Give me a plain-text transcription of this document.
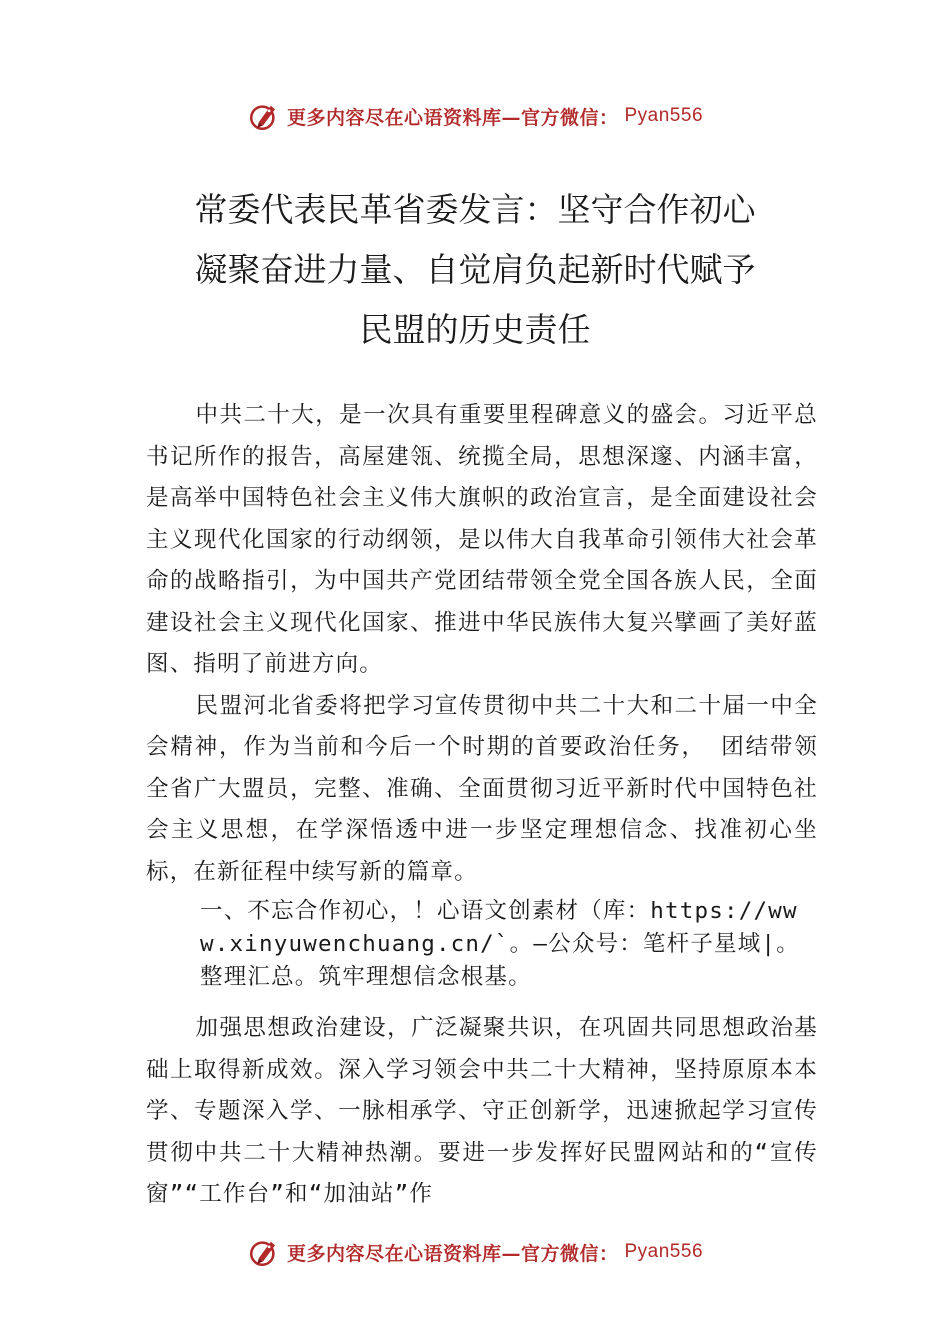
更多内容尽在心语资料库—官方微信： Pyan556
常委代表民革省委发言：坚守合作初心
凝聚奋进力量、自觉肩负起新时代赋予
民盟的历史责任

中共二十大，是一次具有重要里程碑意义的盛会。习近平总书记所作的报告，高屋建瓴、统揽全局，思想深邃、内涵丰富，是高举中国特色社会主义伟大旗帜的政治宣言，是全面建设社会主义现代化国家的行动纲领，是以伟大自我革命引领伟大社会革命的战略指引，为中国共产党团结带领全党全国各族人民，全面建设社会主义现代化国家、推进中华民族伟大复兴擘画了美好蓝图、指明了前进方向。

民盟河北省委将把学习宣传贯彻中共二十大和二十届一中全会精神，作为当前和今后一个时期的首要政治任务， 团结带领全省广大盟员，完整、准确、全面贯彻习近平新时代中国特色社会主义思想，在学深悟透中进一步坚定理想信念、找准初心坐标，在新征程中续写新的篇章。

一、不忘合作初心，！心语文创素材（库：https://www.xinyuwenchuang.cn/`。—公众号：笔杆子星域|。整理汇总。筑牢理想信念根基。

加强思想政治建设，广泛凝聚共识，在巩固共同思想政治基础上取得新成效。深入学习领会中共二十大精神，坚持原原本本学、专题深入学、一脉相承学、守正创新学，迅速掀起学习宣传贯彻中共二十大精神热潮。要进一步发挥好民盟网站和的“宣传窗”“工作台”和“加油站”作

更多内容尽在心语资料库—官方微信： Pyan556
